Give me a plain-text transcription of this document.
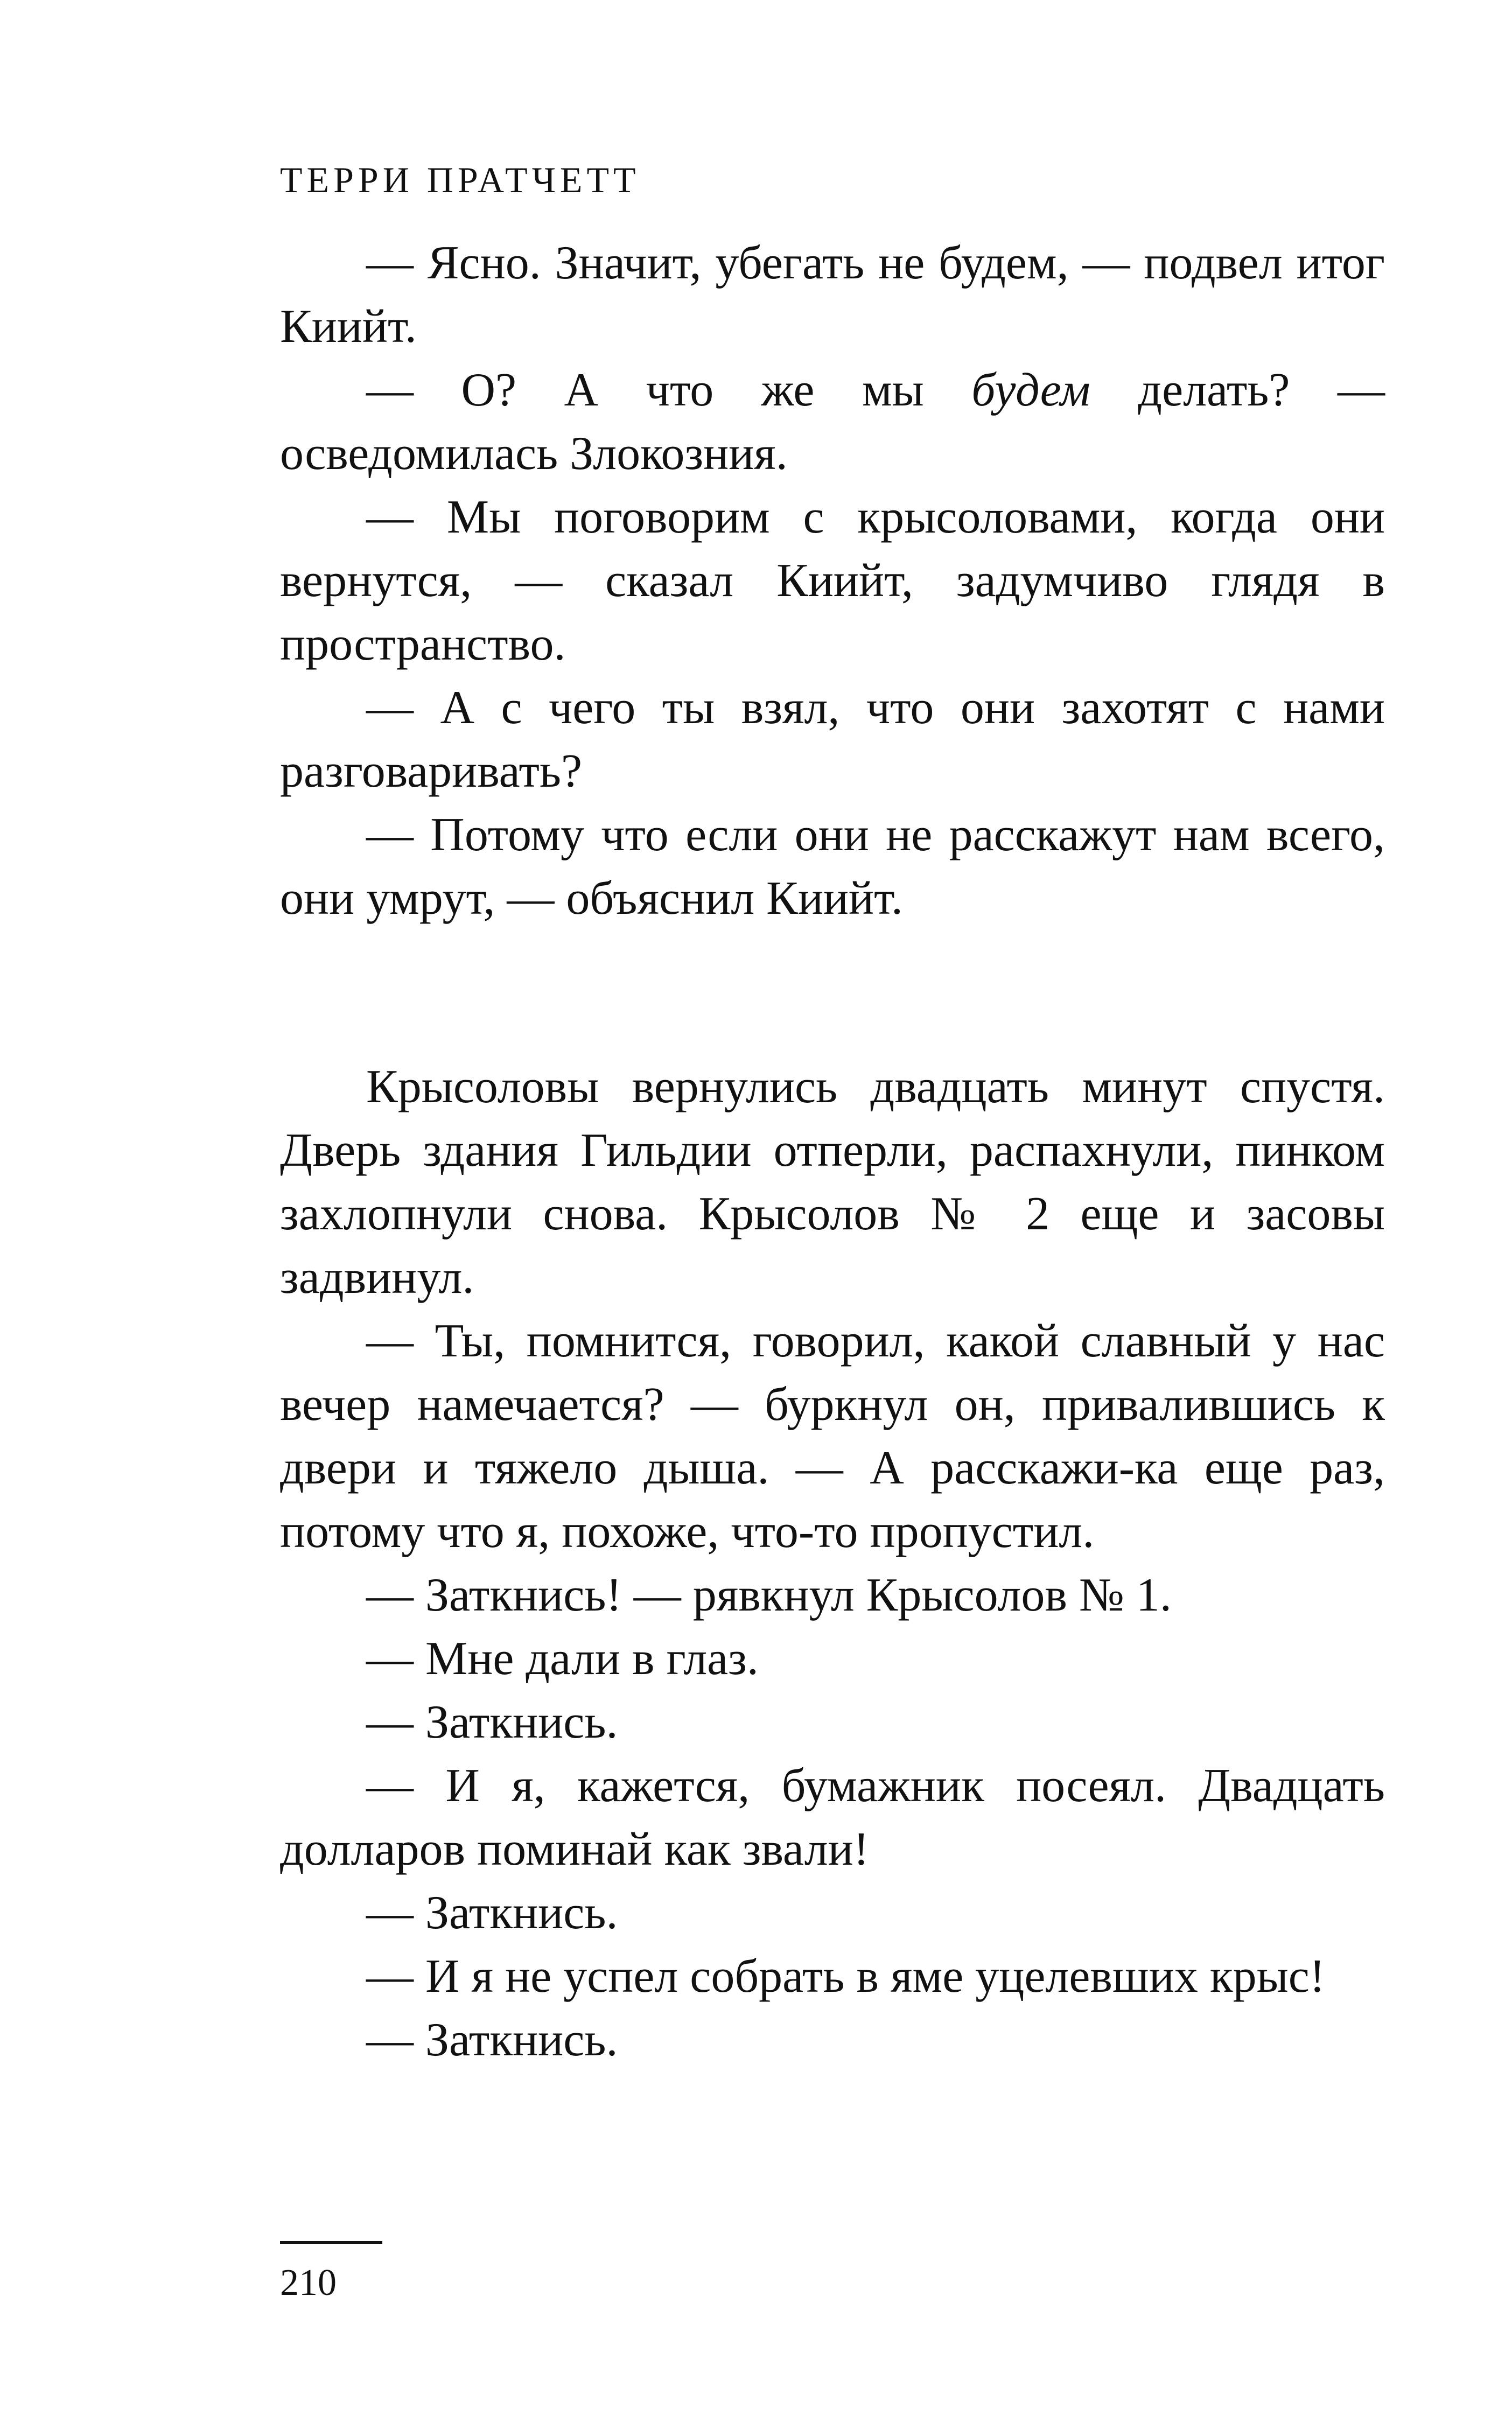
ТЕРРИ ПРАТЧЕТТ

— Ясно. Значит, убегать не будем, — подвел итог Киийт.

— О? А что же мы будем делать? — осведомилась Злокозния.

— Мы поговорим с крысоловами, когда они вернутся, — сказал Киийт, задумчиво глядя в пространство.

— А с чего ты взял, что они захотят с нами разговаривать?

— Потому что если они не расскажут нам всего, они умрут, — объяснил Киийт.

Крысоловы вернулись двадцать минут спустя. Дверь здания Гильдии отперли, распахнули, пинком захлопнули снова. Крысолов № 2 еще и засовы задвинул.

— Ты, помнится, говорил, какой славный у нас вечер намечается? — буркнул он, привалившись к двери и тяжело дыша. — А расскажи-ка еще раз, потому что я, похоже, что-то пропустил.

— Заткнись! — рявкнул Крысолов № 1.

— Мне дали в глаз.

— Заткнись.

— И я, кажется, бумажник посеял. Двадцать долларов поминай как звали!

— Заткнись.

— И я не успел собрать в яме уцелевших крыс!

— Заткнись.

210
